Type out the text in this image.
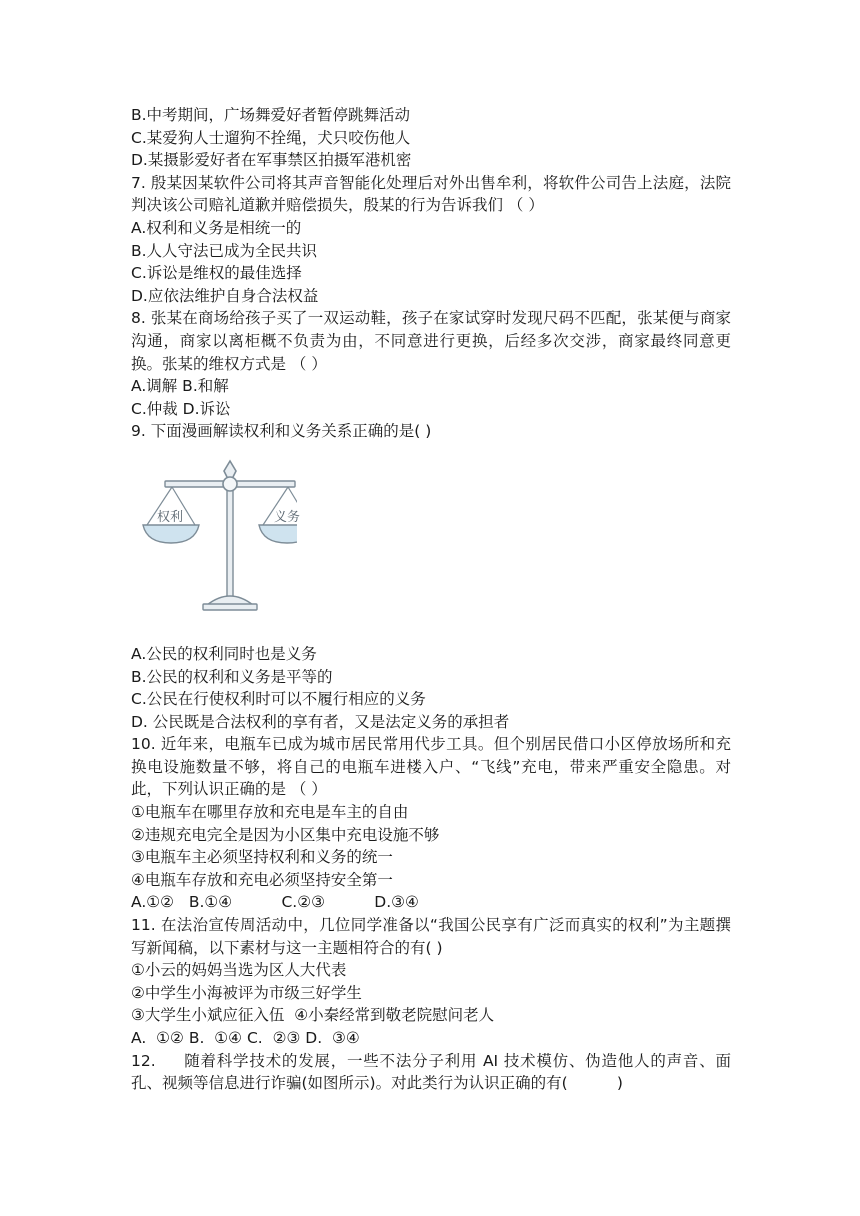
B.中考期间，广场舞爱好者暂停跳舞活动
C.某爱狗人士遛狗不拴绳，犬只咬伤他人
D.某摄影爱好者在军事禁区拍摄军港机密
7. 殷某因某软件公司将其声音智能化处理后对外出售牟利，将软件公司告上法庭，法院判决该公司赔礼道歉并赔偿损失，殷某的行为告诉我们 （ ）
A.权利和义务是相统一的
B.人人守法已成为全民共识
C.诉讼是维权的最佳选择
D.应依法维护自身合法权益
8. 张某在商场给孩子买了一双运动鞋，孩子在家试穿时发现尺码不匹配，张某便与商家沟通，商家以离柜概不负责为由，不同意进行更换，后经多次交涉，商家最终同意更换。张某的维权方式是 （ ）
A.调解 B.和解
C.仲裁 D.诉讼
9. 下面漫画解读权利和义务关系正确的是( )
权利	义务
A.公民的权利同时也是义务
B.公民的权利和义务是平等的
C.公民在行使权利时可以不履行相应的义务
D. 公民既是合法权利的享有者，又是法定义务的承担者
10. 近年来，电瓶车已成为城市居民常用代步工具。但个别居民借口小区停放场所和充换电设施数量不够，将自己的电瓶车进楼入户、“飞线”充电，带来严重安全隐患。对此，下列认识正确的是 （ ）
①电瓶车在哪里存放和充电是车主的自由
②违规充电完全是因为小区集中充电设施不够
③电瓶车主必须坚持权利和义务的统一
④电瓶车存放和充电必须坚持安全第一
A.①②   B.①④          C.②③          D.③④
11. 在法治宣传周活动中，几位同学准备以“我国公民享有广泛而真实的权利”为主题撰写新闻稿，以下素材与这一主题相符合的有( )
①小云的妈妈当选为区人大代表
②中学生小海被评为市级三好学生
③大学生小斌应征入伍  ④小秦经常到敬老院慰问老人
A.  ①② B.  ①④ C.  ②③ D.  ③④
12.     随着科学技术的发展，一些不法分子利用 AI 技术模仿、伪造他人的声音、面孔、视频等信息进行诈骗(如图所示)。对此类行为认识正确的有(          )
